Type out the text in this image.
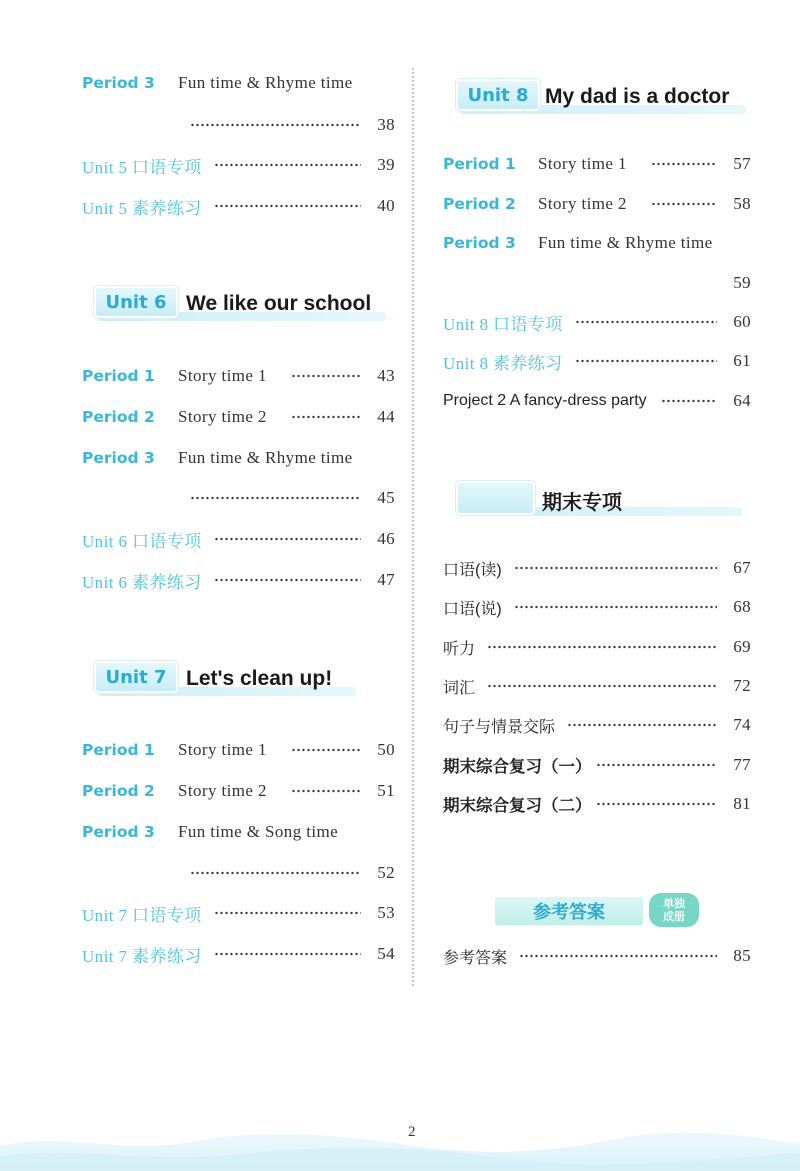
Period 3	Fun time & Rhyme time
38
Unit 5 口语专项	39
Unit 5 素养练习	40
Unit 6 We like our school
Period 1	Story time 1	43
Period 2	Story time 2	44
Period 3	Fun time & Rhyme time
45
Unit 6 口语专项	46
Unit 6 素养练习	47
Unit 7 Let's clean up!
Period 1	Story time 1	50
Period 2	Story time 2	51
Period 3	Fun time & Song time
52
Unit 7 口语专项	53
Unit 7 素养练习	54
Unit 8 My dad is a doctor
Period 1	Story time 1	57
Period 2	Story time 2	58
Period 3	Fun time & Rhyme time
59
Unit 8 口语专项	60
Unit 8 素养练习	61
Project 2 A fancy-dress party	64
期末专项
口语(读)	67
口语(说)	68
听力	69
词汇	72
句子与情景交际	74
期末综合复习（一）	77
期末综合复习（二）	81
参考答案	单独
成册
参考答案	85
2
